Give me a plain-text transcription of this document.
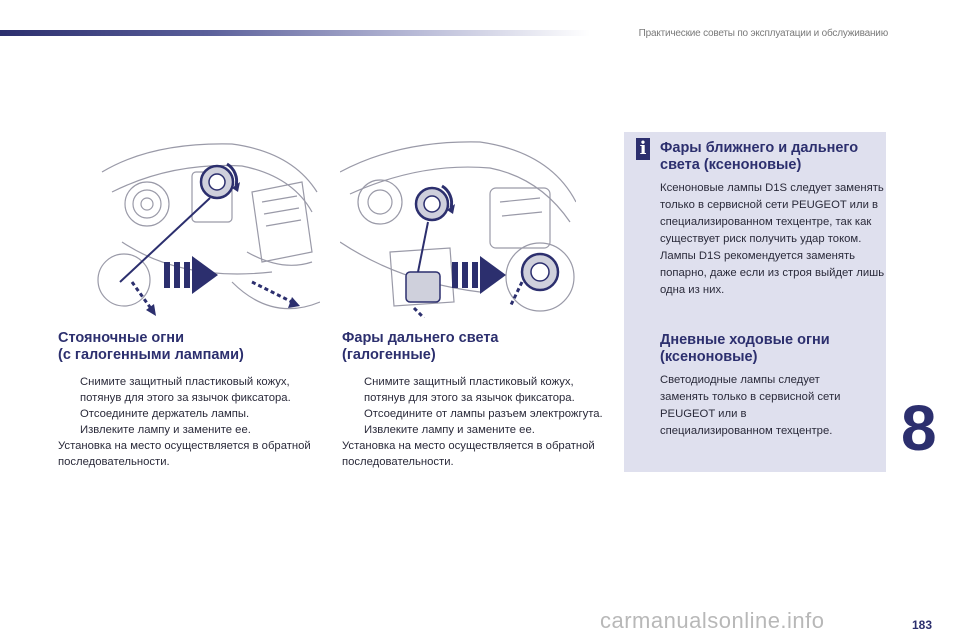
Практические советы по эксплуатации и обслуживанию
Стояночные огни
(с галогенными лампами)
Снимите защитный пластиковый кожух, потянув для этого за язычок фиксатора.
Отсоедините держатель лампы.
Извлеките лампу и замените ее.

Установка на место осуществляется в обратной последовательности.

Фары дальнего света
(галогенные)
Снимите защитный пластиковый кожух, потянув для этого за язычок фиксатора.
Отсоедините от лампы разъем электрожгута.
Извлеките лампу и замените ее.

Установка на место осуществляется в обратной последовательности.

i Фары ближнего и дальнего
света (ксеноновые)

Ксеноновые лампы D1S следует заменять только в сервисной сети PEUGEOT или в специализированном техцентре, так как существует риск получить удар током. Лампы D1S рекомендуется заменять попарно, даже если из строя выйдет лишь одна из них.

Дневные ходовые огни
(ксеноновые)

Светодиодные лампы следует заменять только в сервисной сети PEUGEOT или в специализированном техцентре.	8
carmanualsonline.info	183
